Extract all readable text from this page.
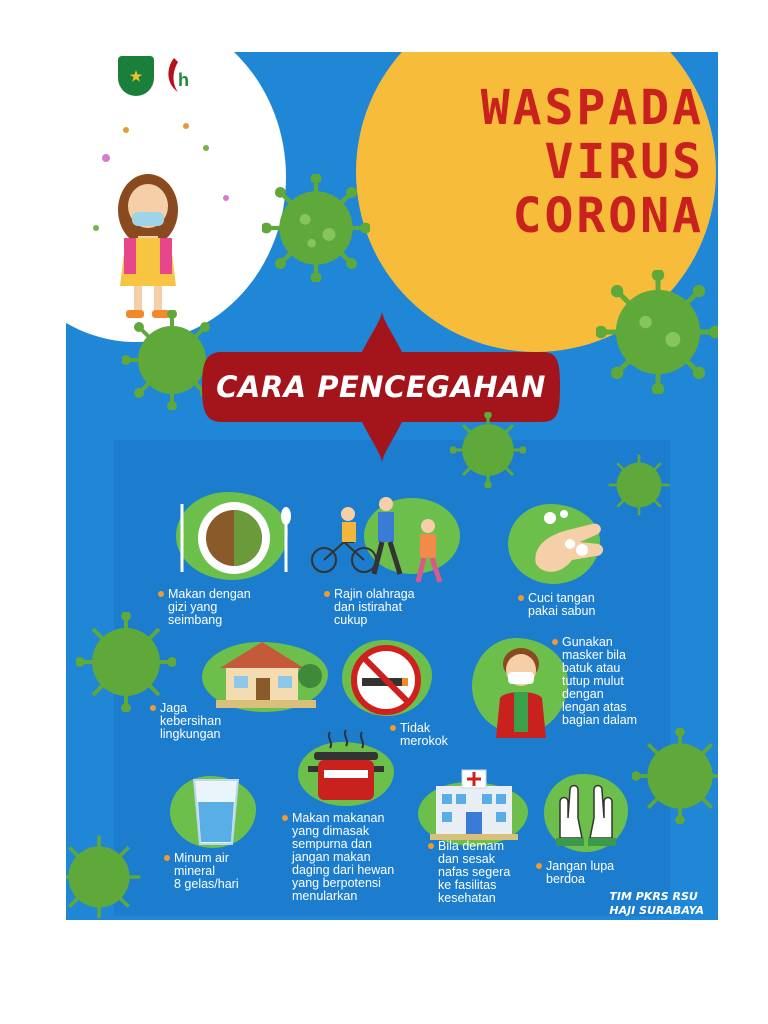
WASPADA
VIRUS
CORONA
★	h
CARA PENCEGAHAN
Makan dengan
gizi yang
seimbang
Rajin olahraga
dan istirahat
cukup
Cuci tangan
pakai sabun
Jaga
kebersihan
lingkungan	Tidak
merokok
Gunakan
masker bila
batuk atau
tutup mulut
dengan
lengan atas
bagian dalam
Minum air
mineral
8 gelas/hari
Makan makanan
yang dimasak
sempurna dan
jangan makan
daging dari hewan
yang berpotensi
menularkan
Bila demam
dan sesak
nafas segera
ke fasilitas
kesehatan
Jangan lupa
berdoa
TIM PKRS RSU
HAJI SURABAYA
